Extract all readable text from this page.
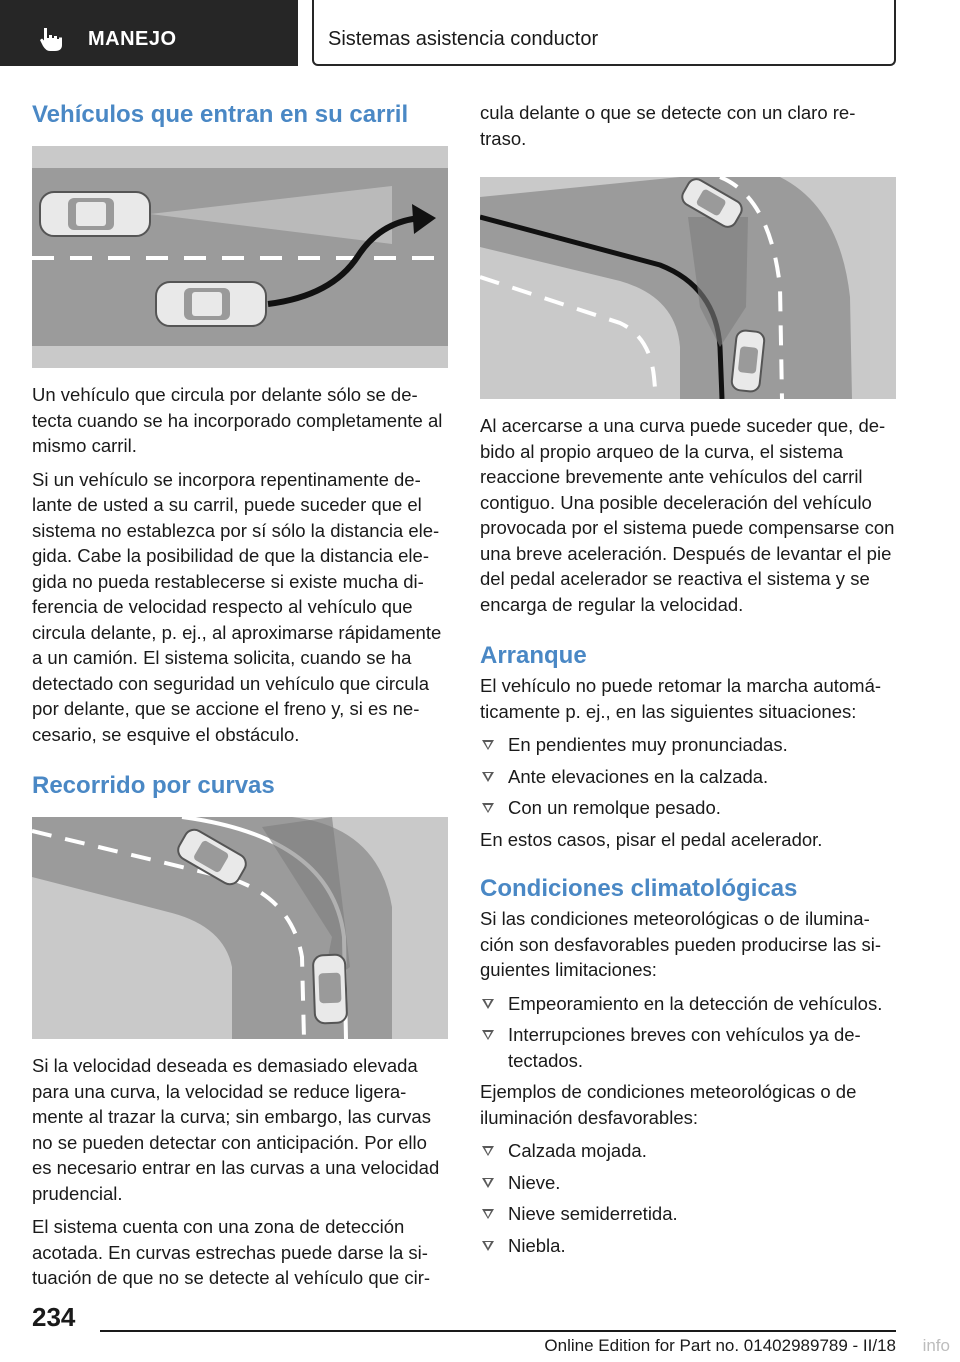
MANEJO	Sistemas asistencia conductor
Vehículos que entran en su carril

Un vehículo que circula por delante sólo se de-tecta cuando se ha incorporado completamente al mismo carril.

Si un vehículo se incorpora repentinamente de-lante de usted a su carril, puede suceder que el sistema no establezca por sí sólo la distancia ele-gida. Cabe la posibilidad de que la distancia ele-gida no pueda restablecerse si existe mucha di-ferencia de velocidad respecto al vehículo que circula delante, p. ej., al aproximarse rápidamente a un camión. El sistema solicita, cuando se ha detectado con seguridad un vehículo que circula por delante, que se accione el freno y, si es ne-cesario, se esquive el obstáculo.

Recorrido por curvas

Si la velocidad deseada es demasiado elevada para una curva, la velocidad se reduce ligera-mente al trazar la curva; sin embargo, las curvas no se pueden detectar con anticipación. Por ello es necesario entrar en las curvas a una velocidad prudencial.

El sistema cuenta con una zona de detección acotada. En curvas estrechas puede darse la si-tuación de que no se detecte al vehículo que cir-

cula delante o que se detecte con un claro re-traso.

Al acercarse a una curva puede suceder que, de-bido al propio arqueo de la curva, el sistema reaccione brevemente ante vehículos del carril contiguo. Una posible deceleración del vehículo provocada por el sistema puede compensarse con una breve aceleración. Después de levantar el pie del pedal acelerador se reactiva el sistema y se encarga de regular la velocidad.

Arranque

El vehículo no puede retomar la marcha automá-ticamente p. ej., en las siguientes situaciones:

En pendientes muy pronunciadas.
Ante elevaciones en la calzada.
Con un remolque pesado.

En estos casos, pisar el pedal acelerador.

Condiciones climatológicas

Si las condiciones meteorológicas o de ilumina-ción son desfavorables pueden producirse las si-guientes limitaciones:

Empeoramiento en la detección de vehículos.
Interrupciones breves con vehículos ya de-tectados.

Ejemplos de condiciones meteorológicas o de iluminación desfavorables:

Calzada mojada.
Nieve.
Nieve semiderretida.
Niebla.
234
Online Edition for Part no. 01402989789 - II/18 info
